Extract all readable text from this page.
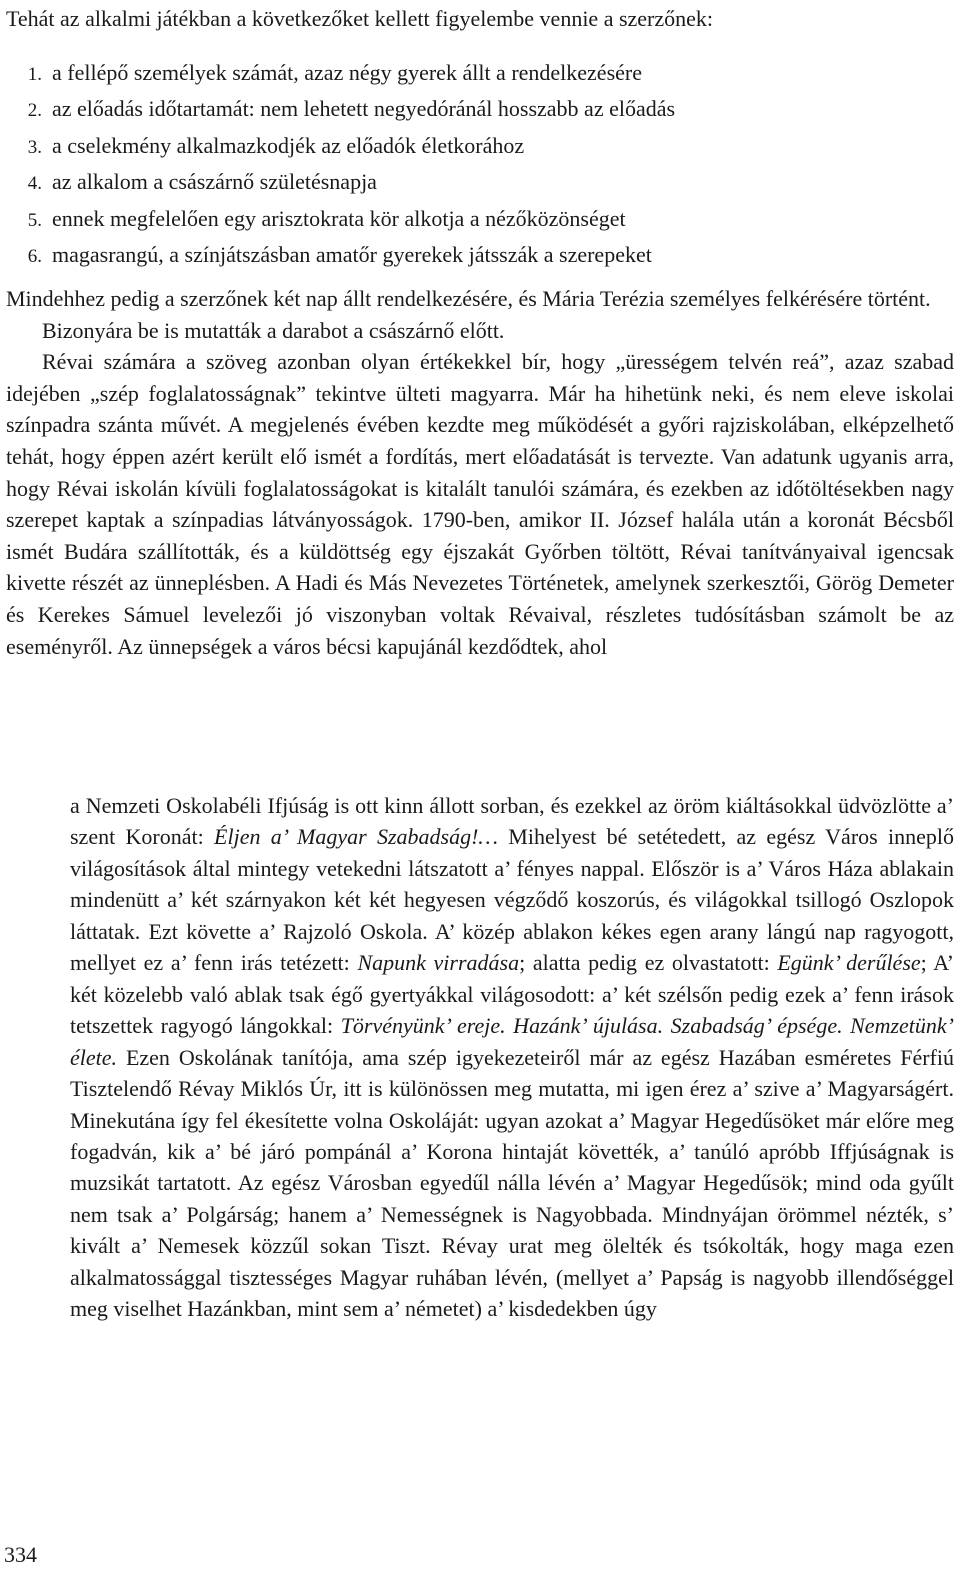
Tehát az alkalmi játékban a következőket kellett figyelembe vennie a szerzőnek:

1. a fellépő személyek számát, azaz négy gyerek állt a rendelkezésére
2. az előadás időtartamát: nem lehetett negyedóránál hosszabb az előadás
3. a cselekmény alkalmazkodjék az előadók életkorához
4. az alkalom a császárnő születésnapja
5. ennek megfelelően egy arisztokrata kör alkotja a nézőközönséget
6. magasrangú, a színjátszásban amatőr gyerekek játsszák a szerepeket

Mindehhez pedig a szerzőnek két nap állt rendelkezésére, és Mária Terézia személyes felkérésére történt.

Bizonyára be is mutatták a darabot a császárnő előtt.

Révai számára a szöveg azonban olyan értékekkel bír, hogy „ürességem telvén reá”, azaz szabad idejében „szép foglalatosságnak” tekintve ülteti magyarra. Már ha hihetünk neki, és nem eleve iskolai színpadra szánta művét. A megjelenés évében kezdte meg működését a győri rajziskolában, elképzelhető tehát, hogy éppen azért került elő ismét a fordítás, mert előadatását is tervezte. Van adatunk ugyanis arra, hogy Révai iskolán kívüli foglalatosságokat is kitalált tanulói számára, és ezekben az időtöltésekben nagy szerepet kaptak a színpadias látványosságok. 1790-ben, amikor II. József halála után a koronát Bécsből ismét Budára szállították, és a küldöttség egy éjszakát Győrben töltött, Révai tanítványaival igencsak kivette részét az ünneplésben. A Hadi és Más Nevezetes Történetek, amelynek szerkesztői, Görög Demeter és Kerekes Sámuel levelezői jó viszonyban voltak Révaival, részletes tudósításban számolt be az eseményről. Az ünnepségek a város bécsi kapujánál kezdődtek, ahol

a Nemzeti Oskolabéli Ifjúság is ott kinn állott sorban, és ezekkel az öröm kiáltásokkal üdvözlötte a’ szent Koronát: Éljen a’ Magyar Szabadság!… Mihelyest bé setétedett, az egész Város inneplő világosítások által mintegy vetekedni látszatott a’ fényes nappal. Először is a’ Város Háza ablakain mindenütt a’ két szárnyakon két két hegyesen végződő koszorús, és világokkal tsillogó Oszlopok láttatak. Ezt követte a’ Rajzoló Oskola. A’ közép ablakon kékes egen arany lángú nap ragyogott, mellyet ez a’ fenn irás tetézett: Napunk virradása; alatta pedig ez olvastatott: Egünk’ derűlése; A’ két közelebb való ablak tsak égő gyertyákkal világosodott: a’ két szélsőn pedig ezek a’ fenn irások tetszettek ragyogó lángokkal: Törvényünk’ ereje. Hazánk’ újulása. Szabadság’ épsége. Nemzetünk’ élete. Ezen Oskolának tanítója, ama szép igyekezeteiről már az egész Hazában esméretes Férfiú Tisztelendő Révay Miklós Úr, itt is különössen meg mutatta, mi igen érez a’ szive a’ Magyarságért. Minekutána így fel ékesítette volna Oskoláját: ugyan azokat a’ Magyar Hegedűsöket már előre meg fogadván, kik a’ bé járó pompánál a’ Korona hintaját követték, a’ tanúló apróbb Iffjúságnak is muzsikát tartatott. Az egész Városban egyedűl nálla lévén a’ Magyar Hegedűsök; mind oda gyűlt nem tsak a’ Polgárság; hanem a’ Nemességnek is Nagyobbada. Mindnyájan örömmel nézték, s’ kivált a’ Nemesek közzűl sokan Tiszt. Révay urat meg ölelték és tsókolták, hogy maga ezen alkalmatossággal tisztességes Magyar ruhában lévén, (mellyet a’ Papság is nagyobb illendőséggel meg viselhet Hazánkban, mint sem a’ németet) a’ kisdedekben úgy

334
